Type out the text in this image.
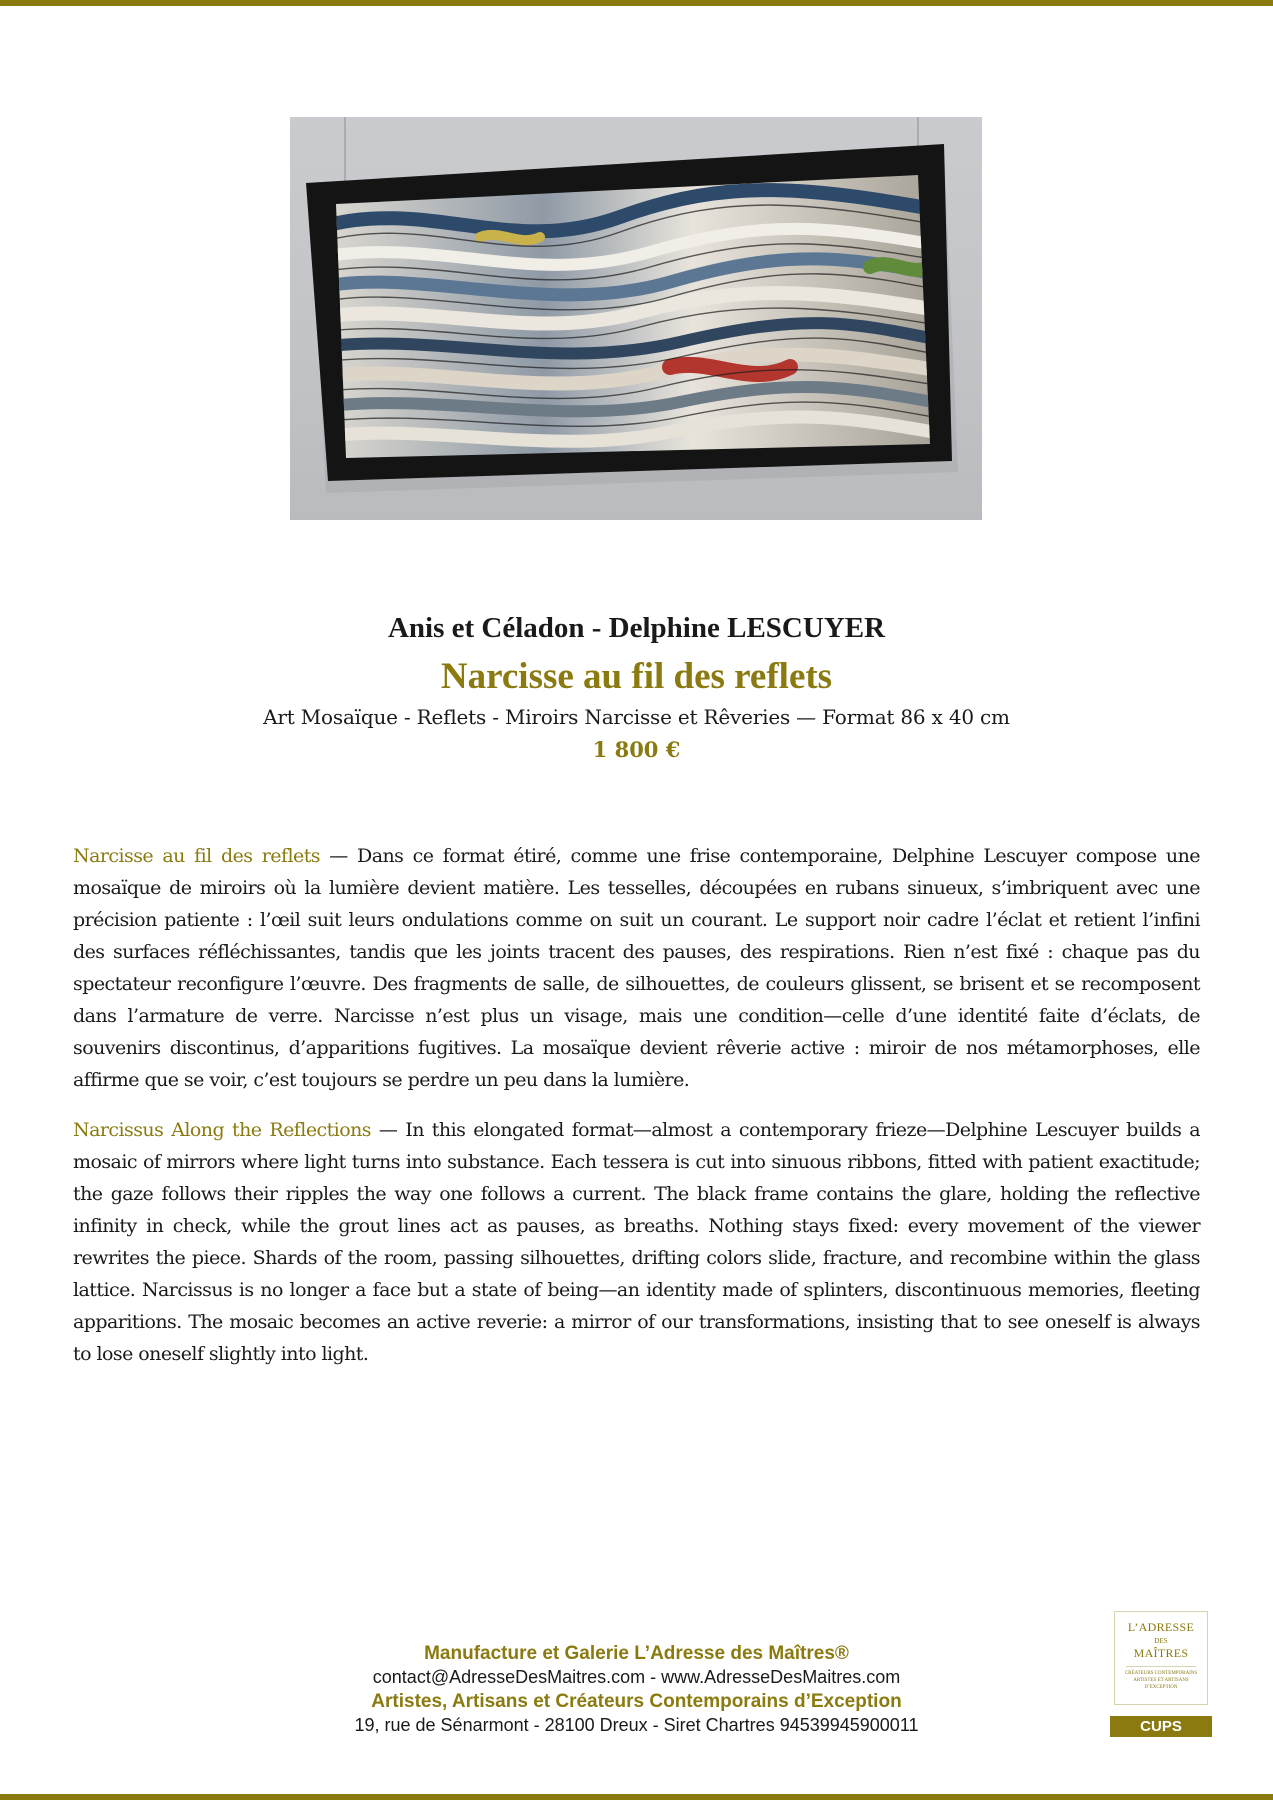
Anis et Céladon - Delphine LESCUYER
Narcisse au fil des reflets
Art Mosaïque - Reflets - Miroirs Narcisse et Rêveries — Format 86 x 40 cm
1 800 €

Narcisse au fil des reflets — Dans ce format étiré, comme une frise contemporaine, Delphine Lescuyer compose une mosaïque de miroirs où la lumière devient matière. Les tesselles, découpées en rubans sinueux, s’imbriquent avec une précision patiente : l’œil suit leurs ondulations comme on suit un courant. Le support noir cadre l’éclat et retient l’infini des surfaces réfléchissantes, tandis que les joints tracent des pauses, des respirations. Rien n’est fixé : chaque pas du spectateur reconfigure l’œuvre. Des fragments de salle, de silhouettes, de couleurs glissent, se brisent et se recomposent dans l’armature de verre. Narcisse n’est plus un visage, mais une condition—celle d’une identité faite d’éclats, de souvenirs discontinus, d’apparitions fugitives. La mosaïque devient rêverie active : miroir de nos métamorphoses, elle affirme que se voir, c’est toujours se perdre un peu dans la lumière.

Narcissus Along the Reflections — In this elongated format—almost a contemporary frieze—Delphine Lescuyer builds a mosaic of mirrors where light turns into substance. Each tessera is cut into sinuous ribbons, fitted with patient exactitude; the gaze follows their ripples the way one follows a current. The black frame contains the glare, holding the reflective infinity in check, while the grout lines act as pauses, as breaths. Nothing stays fixed: every movement of the viewer rewrites the piece. Shards of the room, passing silhouettes, drifting colors slide, fracture, and recombine within the glass lattice. Narcissus is no longer a face but a state of being—an identity made of splinters, discontinuous memories, fleeting apparitions. The mosaic becomes an active reverie: a mirror of our transformations, insisting that to see oneself is always to lose oneself slightly into light.

Manufacture et Galerie L’Adresse des Maîtres®
contact@AdresseDesMaitres.com - www.AdresseDesMaitres.com
Artistes, Artisans et Créateurs Contemporains d’Exception
19, rue de Sénarmont - 28100 Dreux - Siret Chartres 94539945900011
L’ADRESSE
DES
MAÎTRES
CRÉATEURS CONTEMPORAINS
ARTISTES ET ARTISANS
D’EXCEPTION
CUPS
